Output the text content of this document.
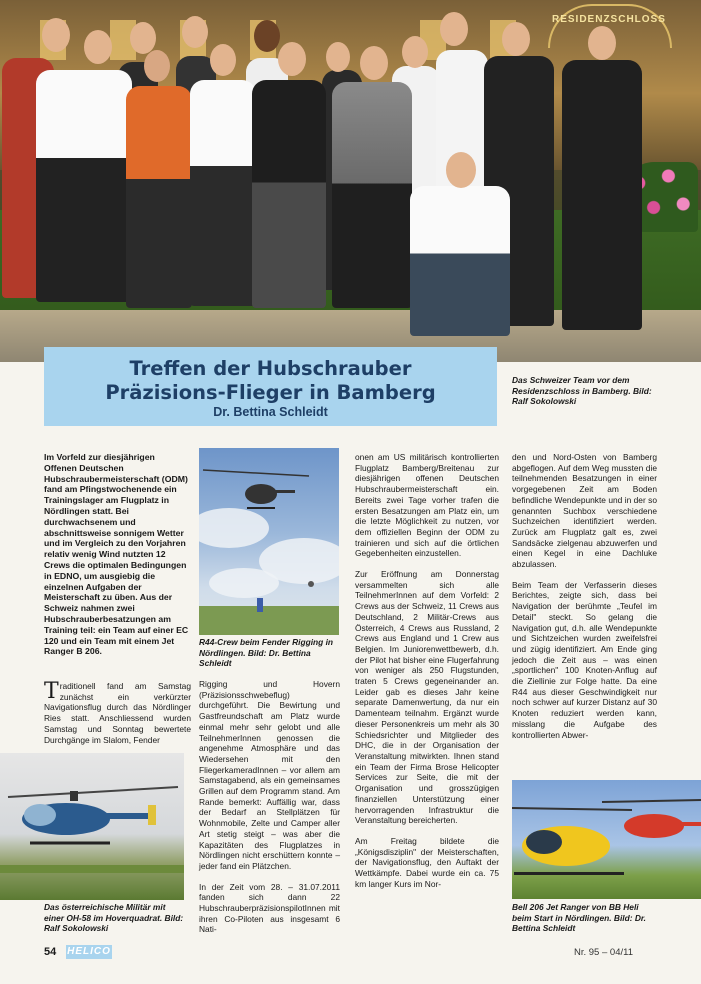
RESIDENZSCHLOSS
Das Schweizer Team vor dem Residenzschloss in Bamberg. Bild: Ralf Sokolowski
Treffen der Hubschrauber
Präzisions-Flieger in Bamberg
Dr. Bettina Schleidt

Im Vorfeld zur diesjährigen Offenen Deutschen Hubschraubermeisterschaft (ODM) fand am Pfingstwochenende ein Trainingslager am Flugplatz in Nördlingen statt. Bei durchwachsenem und abschnittsweise sonnigem Wetter und im Vergleich zu den Vorjahren relativ wenig Wind nutzten 12 Crews die optimalen Bedingungen in EDNO, um ausgiebig die einzelnen Aufgaben der Meisterschaft zu üben. Aus der Schweiz nahmen zwei Hubschrauberbesatzungen am Training teil: ein Team auf einer EC 120 und ein Team mit einem Jet Ranger B 206.

Traditionell fand am Samstag zunächst ein verkürzter Navigationsflug durch das Nördlinger Ries statt. Anschliessend wurden Samstag und Sonntag bewertete Durchgänge im Slalom, Fender

Das österreichische Militär mit einer OH-58 im Hoverquadrat. Bild: Ralf Sokolowski
R44-Crew beim Fender Rigging in Nördlingen. Bild: Dr. Bettina Schleidt

Rigging und Hovern (Präzisionsschwebeflug) durchgeführt. Die Bewirtung und Gastfreundschaft am Platz wurde einmal mehr sehr gelobt und alle TeilnehmerInnen genossen die angenehme Atmosphäre und das Wiedersehen mit den FliegerkameradInnen – vor allem am Samstagabend, als ein gemeinsames Grillen auf dem Programm stand. Am Rande bemerkt: Auffällig war, dass der Bedarf an Stellplätzen für Wohnmobile, Zelte und Camper aller Art stetig steigt – was aber die Kapazitäten des Flugplatzes in Nördlingen nicht erschüttern konnte – jeder fand ein Plätzchen.

In der Zeit vom 28. – 31.07.2011 fanden sich dann 22 HubschrauberpräzisionspilotInnen mit ihren Co-Piloten aus insgesamt 6 Nati-

onen am US militärisch kontrollierten Flugplatz Bamberg/Breitenau zur diesjährigen offenen Deutschen Hubschraubermeisterschaft ein. Bereits zwei Tage vorher trafen die ersten Besatzungen am Platz ein, um die letzte Möglichkeit zu nutzen, vor dem offiziellen Beginn der ODM zu trainieren und sich auf die örtlichen Gegebenheiten einzustellen.

Zur Eröffnung am Donnerstag versammelten sich alle TeilnehmerInnen auf dem Vorfeld: 2 Crews aus der Schweiz, 11 Crews aus Deutschland, 2 Militär-Crews aus Österreich, 4 Crews aus Russland, 2 Crews aus England und 1 Crew aus Belgien. Im Juniorenwettbewerb, d.h. der Pilot hat bisher eine Flugerfahrung von weniger als 250 Flugstunden, traten 5 Crews gegeneinander an. Leider gab es dieses Jahr keine separate Damenwertung, da nur ein Damenteam teilnahm. Ergänzt wurde dieser Personenkreis um mehr als 30 Schiedsrichter und Mitglieder des DHC, die in der Organisation der Veranstaltung mitwirkten. Ihnen stand ein Team der Firma Brose Helicopter Services zur Seite, die mit der Organisation und grosszügigen finanziellen Unterstützung einer hervorragenden Infrastruktur die Veranstaltung bereicherten.

Am Freitag bildete die „Königsdisziplin" der Meisterschaften, der Navigationsflug, den Auftakt der Wettkämpfe. Dabei wurde ein ca. 75 km langer Kurs im Nor-

den und Nord-Osten von Bamberg abgeflogen. Auf dem Weg mussten die teilnehmenden Besatzungen in einer vorgegebenen Zeit am Boden befindliche Wendepunkte und in der so genannten Suchbox verschiedene Suchzeichen identifiziert werden. Zurück am Flugplatz galt es, zwei Sandsäcke zielgenau abzuwerfen und einen Kegel in eine Dachluke abzulassen.

Beim Team der Verfasserin dieses Berichtes, zeigte sich, dass bei Navigation der berühmte „Teufel im Detail" steckt. So gelang die Navigation gut, d.h. alle Wendepunkte und Sichtzeichen wurden zweifelsfrei und zügig identifiziert. Am Ende ging jedoch die Zeit aus – was einen „sportlichen" 100 Knoten-Anflug auf die Ziellinie zur Folge hatte. Da eine R44 aus dieser Geschwindigkeit nur noch schwer auf kurzer Distanz auf 30 Knoten reduziert werden kann, misslang die Aufgabe des kontrollierten Abwer-

Bell 206 Jet Ranger von BB Heli beim Start in Nördlingen. Bild: Dr. Bettina Schleidt
54 HELICO	Nr. 95 – 04/11
